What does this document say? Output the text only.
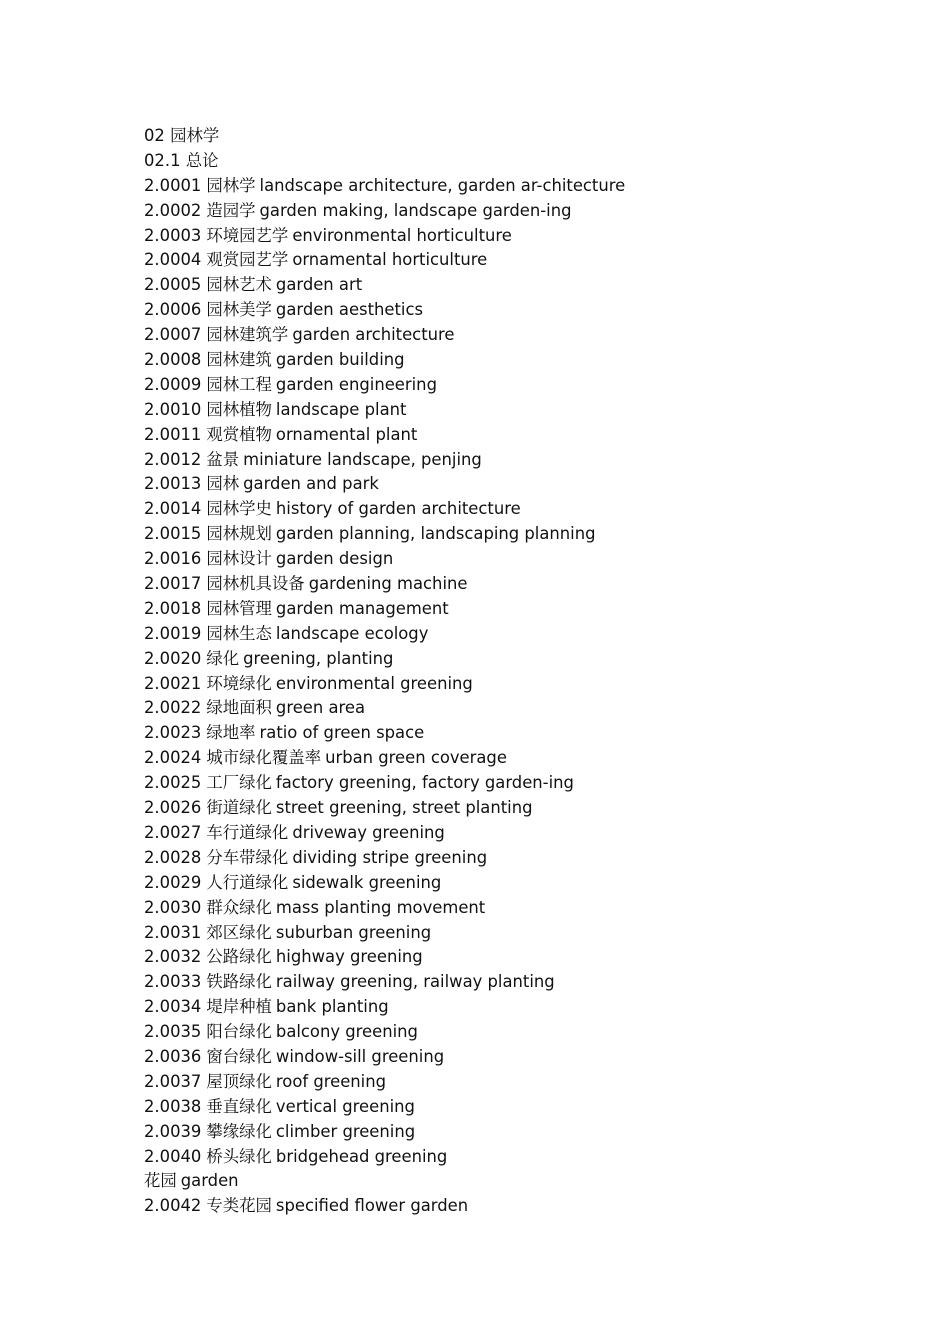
02 园林学
02.1 总论
2.0001 园林学 landscape architecture, garden ar-chitecture
2.0002 造园学 garden making, landscape garden-ing
2.0003 环境园艺学 environmental horticulture
2.0004 观赏园艺学 ornamental horticulture
2.0005 园林艺术 garden art
2.0006 园林美学 garden aesthetics
2.0007 园林建筑学 garden architecture
2.0008 园林建筑 garden building
2.0009 园林工程 garden engineering
2.0010 园林植物 landscape plant
2.0011 观赏植物 ornamental plant
2.0012 盆景 miniature landscape, penjing
2.0013 园林 garden and park
2.0014 园林学史 history of garden architecture
2.0015 园林规划 garden planning, landscaping planning
2.0016 园林设计 garden design
2.0017 园林机具设备 gardening machine
2.0018 园林管理 garden management
2.0019 园林生态 landscape ecology
2.0020 绿化 greening, planting
2.0021 环境绿化 environmental greening
2.0022 绿地面积 green area
2.0023 绿地率 ratio of green space
2.0024 城市绿化覆盖率 urban green coverage
2.0025 工厂绿化 factory greening, factory garden-ing
2.0026 街道绿化 street greening, street planting
2.0027 车行道绿化 driveway greening
2.0028 分车带绿化 dividing stripe greening
2.0029 人行道绿化 sidewalk greening
2.0030 群众绿化 mass planting movement
2.0031 郊区绿化 suburban greening
2.0032 公路绿化 highway greening
2.0033 铁路绿化 railway greening, railway planting
2.0034 堤岸种植 bank planting
2.0035 阳台绿化 balcony greening
2.0036 窗台绿化 window-sill greening
2.0037 屋顶绿化 roof greening
2.0038 垂直绿化 vertical greening
2.0039 攀缘绿化 climber greening
2.0040 桥头绿化 bridgehead greening
花园 garden
2.0042 专类花园 specified flower garden
